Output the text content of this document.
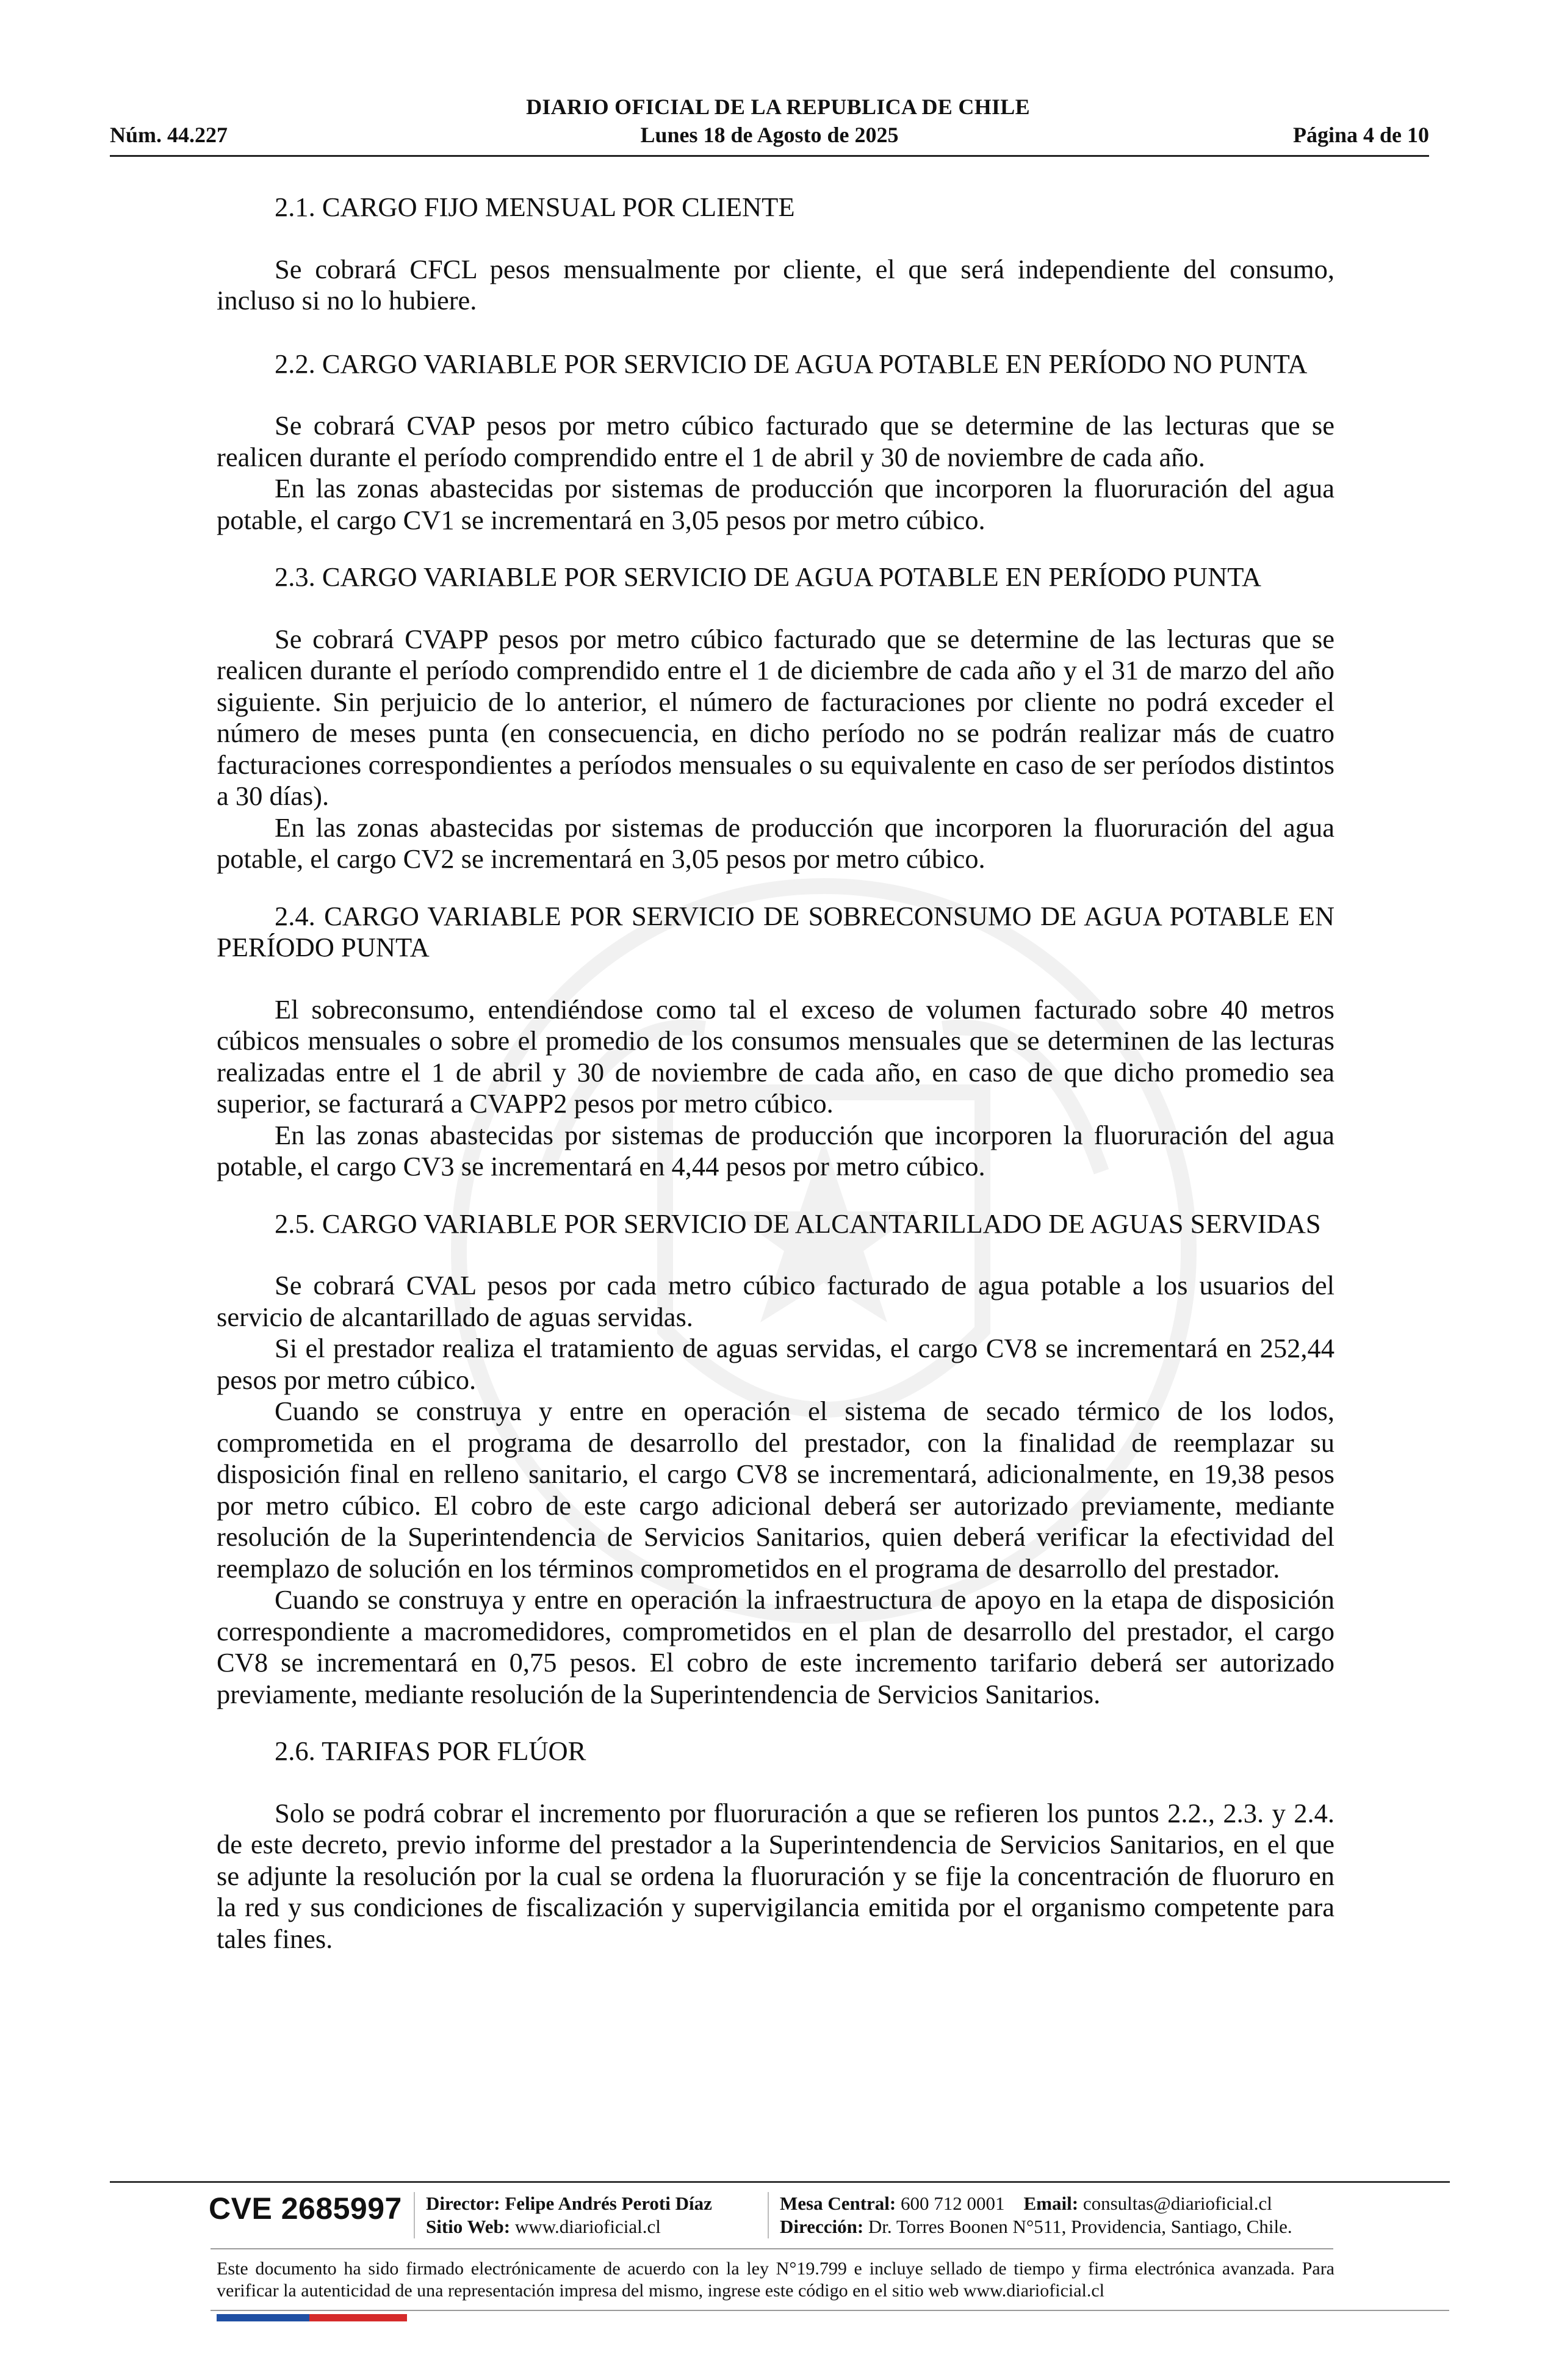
DIARIO OFICIAL DE LA REPUBLICA DE CHILE
Lunes 18 de Agosto de 2025
Núm. 44.227	Página 4 de 10

2.1. CARGO FIJO MENSUAL POR CLIENTE

Se cobrará CFCL pesos mensualmente por cliente, el que será independiente del consumo, incluso si no lo hubiere.

2.2. CARGO VARIABLE POR SERVICIO DE AGUA POTABLE EN PERÍODO NO PUNTA

Se cobrará CVAP pesos por metro cúbico facturado que se determine de las lecturas que se realicen durante el período comprendido entre el 1 de abril y 30 de noviembre de cada año.

En las zonas abastecidas por sistemas de producción que incorporen la fluoruración del agua potable, el cargo CV1 se incrementará en 3,05 pesos por metro cúbico.

2.3. CARGO VARIABLE POR SERVICIO DE AGUA POTABLE EN PERÍODO PUNTA

Se cobrará CVAPP pesos por metro cúbico facturado que se determine de las lecturas que se realicen durante el período comprendido entre el 1 de diciembre de cada año y el 31 de marzo del año siguiente. Sin perjuicio de lo anterior, el número de facturaciones por cliente no podrá exceder el número de meses punta (en consecuencia, en dicho período no se podrán realizar más de cuatro facturaciones correspondientes a períodos mensuales o su equivalente en caso de ser períodos distintos a 30 días).

En las zonas abastecidas por sistemas de producción que incorporen la fluoruración del agua potable, el cargo CV2 se incrementará en 3,05 pesos por metro cúbico.

2.4. CARGO VARIABLE POR SERVICIO DE SOBRECONSUMO DE AGUA POTABLE EN PERÍODO PUNTA

El sobreconsumo, entendiéndose como tal el exceso de volumen facturado sobre 40 metros cúbicos mensuales o sobre el promedio de los consumos mensuales que se determinen de las lecturas realizadas entre el 1 de abril y 30 de noviembre de cada año, en caso de que dicho promedio sea superior, se facturará a CVAPP2 pesos por metro cúbico.

En las zonas abastecidas por sistemas de producción que incorporen la fluoruración del agua potable, el cargo CV3 se incrementará en 4,44 pesos por metro cúbico.

2.5. CARGO VARIABLE POR SERVICIO DE ALCANTARILLADO DE AGUAS SERVIDAS

Se cobrará CVAL pesos por cada metro cúbico facturado de agua potable a los usuarios del servicio de alcantarillado de aguas servidas.

Si el prestador realiza el tratamiento de aguas servidas, el cargo CV8 se incrementará en 252,44 pesos por metro cúbico.

Cuando se construya y entre en operación el sistema de secado térmico de los lodos, comprometida en el programa de desarrollo del prestador, con la finalidad de reemplazar su disposición final en relleno sanitario, el cargo CV8 se incrementará, adicionalmente, en 19,38 pesos por metro cúbico. El cobro de este cargo adicional deberá ser autorizado previamente, mediante resolución de la Superintendencia de Servicios Sanitarios, quien deberá verificar la efectividad del reemplazo de solución en los términos comprometidos en el programa de desarrollo del prestador.

Cuando se construya y entre en operación la infraestructura de apoyo en la etapa de disposición correspondiente a macromedidores, comprometidos en el plan de desarrollo del prestador, el cargo CV8 se incrementará en 0,75 pesos. El cobro de este incremento tarifario deberá ser autorizado previamente, mediante resolución de la Superintendencia de Servicios Sanitarios.

2.6. TARIFAS POR FLÚOR

Solo se podrá cobrar el incremento por fluoruración a que se refieren los puntos 2.2., 2.3. y 2.4. de este decreto, previo informe del prestador a la Superintendencia de Servicios Sanitarios, en el que se adjunte la resolución por la cual se ordena la fluoruración y se fije la concentración de fluoruro en la red y sus condiciones de fiscalización y supervigilancia emitida por el organismo competente para tales fines.

CVE 2685997 Director: Felipe Andrés Peroti Díaz
Sitio Web: www.diarioficial.cl
Mesa Central: 600 712 0001 Email: consultas@diarioficial.cl
Dirección: Dr. Torres Boonen N°511, Providencia, Santiago, Chile.
Este documento ha sido firmado electrónicamente de acuerdo con la ley N°19.799 e incluye sellado de tiempo y firma electrónica avanzada. Para verificar la autenticidad de una representación impresa del mismo, ingrese este código en el sitio web www.diarioficial.cl
